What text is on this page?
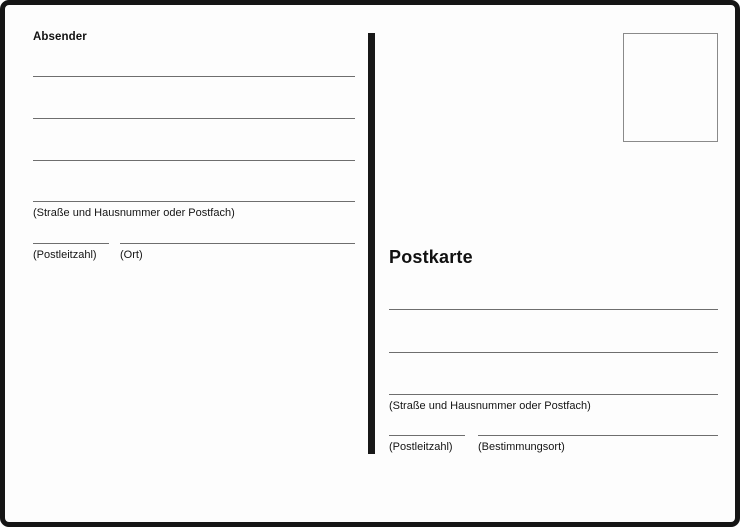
Absender
(Straße und Hausnummer oder Postfach)
(Postleitzahl) (Ort)	Postkarte
(Straße und Hausnummer oder Postfach)
(Postleitzahl) (Bestimmungsort)
